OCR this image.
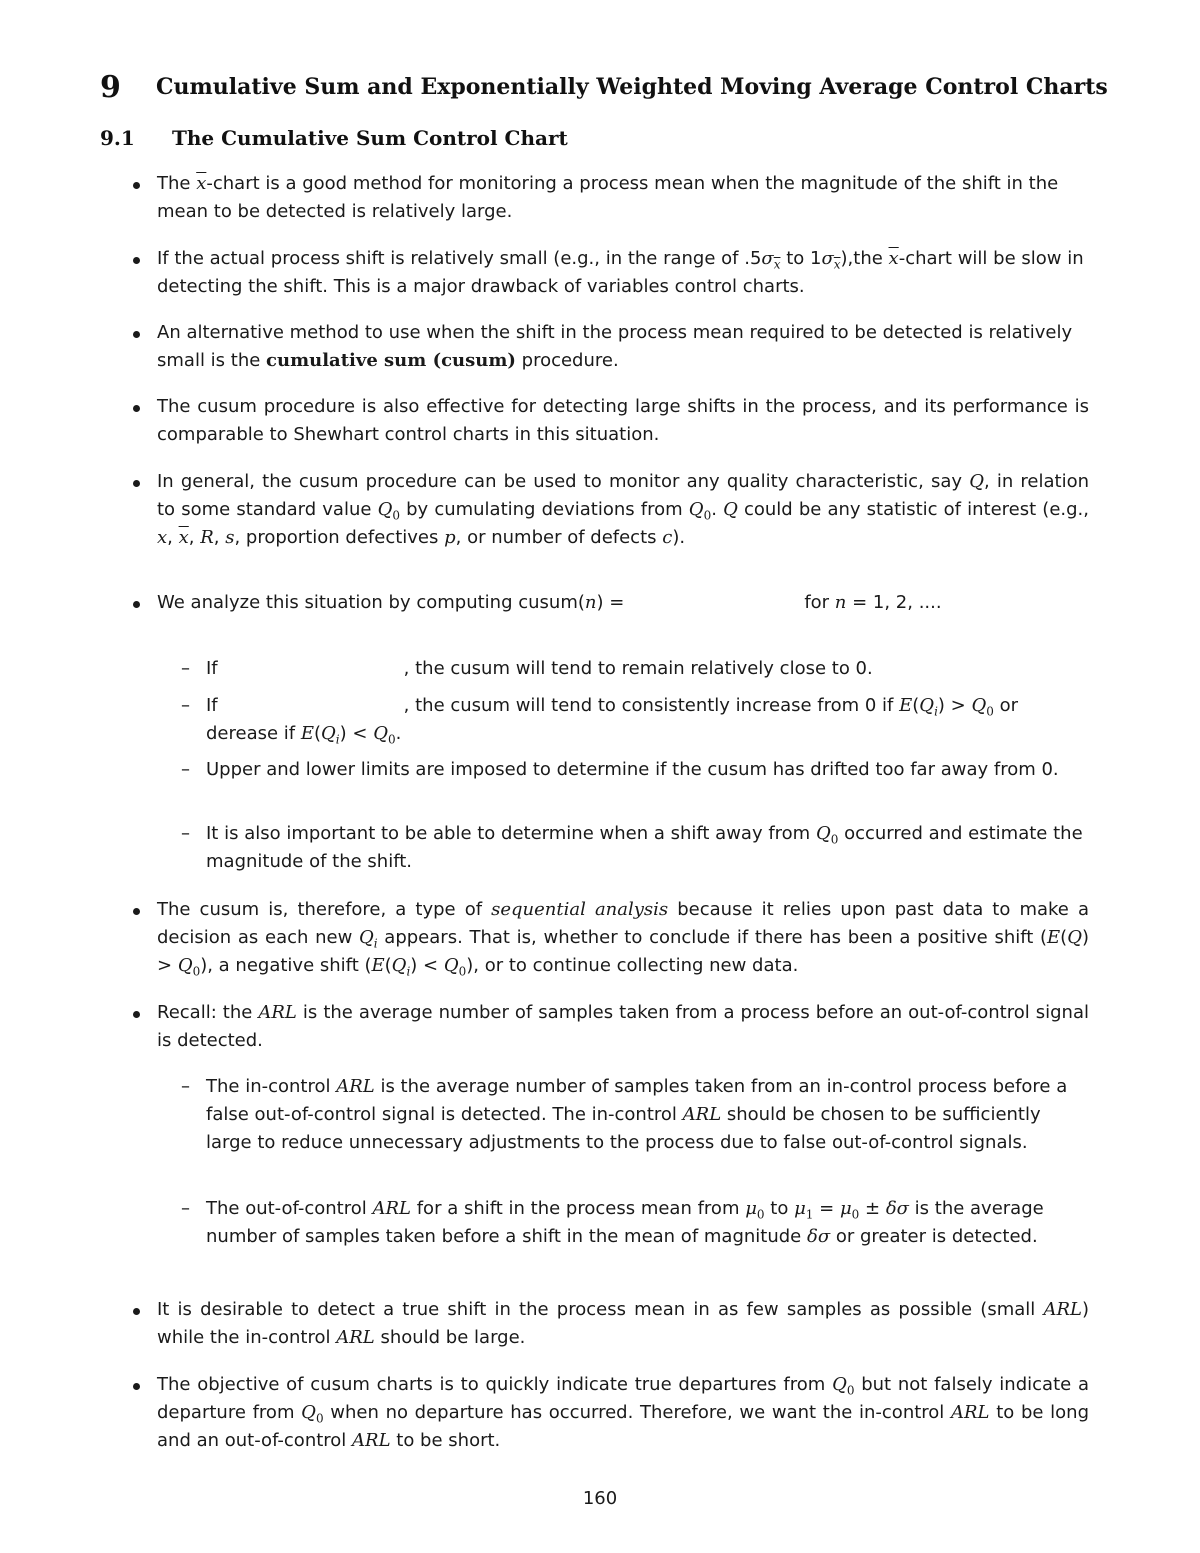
9 Cumulative Sum and Exponentially Weighted Moving Average Control Charts
9.1 The Cumulative Sum Control Chart
The $\overline{x}$-chart is a good method for monitoring a process mean when the magnitude of the shift in the mean to be detected is relatively large.
If the actual process shift is relatively small (e.g., in the range of $.5\sigma_{\overline{x}}$ to $1\sigma_{\overline{x}}),the$ $\overline{x}$-chart will be slow in detecting the shift. This is a major drawback of variables control charts.
An alternative method to use when the shift in the process mean required to be detected is relatively small is the cumulative sum (cusum) procedure.
The cusum procedure is also effective for detecting large shifts in the process, and its performance is comparable to Shewhart control charts in this situation.
In general, the cusum procedure can be used to monitor any quality characteristic, say Q, in relation to some standard value $Q_0$ by cumulating deviations from $Q_0$. Q could be any statistic of interest (e.g., x, $\overline{x}$, R, s, proportion defectives p, or number of defects c).
We analyze this situation by computing cusum(n) =	for n = 1, 2, ....
– If	, the cusum will tend to remain relatively close to 0.
– If	, the cusum will tend to consistently increase from 0 if $E(Q_i) > Q_0$ or derease if $E(Q_i) < Q_0$.
– Upper and lower limits are imposed to determine if the cusum has drifted too far away from 0.
– It is also important to be able to determine when a shift away from $Q_0$ occurred and estimate the magnitude of the shift.
The cusum is, therefore, a type of sequential analysis because it relies upon past data to make a decision as each new $Q_i$ appears. That is, whether to conclude if there has been a positive shift $(E(Q) > Q_0)$, a negative shift $(E(Q_i) < Q_0)$, or to continue collecting new data.
Recall: the ARL is the average number of samples taken from a process before an out-of-control signal is detected.
– The in-control ARL is the average number of samples taken from an in-control process before a false out-of-control signal is detected. The in-control ARL should be chosen to be sufficiently large to reduce unnecessary adjustments to the process due to false out-of-control signals.
– The out-of-control ARL for a shift in the process mean from $\mu_0$ to $\mu_1 = \mu_0 \pm \delta\sigma$ is the average number of samples taken before a shift in the mean of magnitude δσ or greater is detected.
It is desirable to detect a true shift in the process mean in as few samples as possible (small ARL) while the in-control ARL should be large.
The objective of cusum charts is to quickly indicate true departures from $Q_0$ but not falsely indicate a departure from $Q_0$ when no departure has occurred. Therefore, we want the in-control ARL to be long and an out-of-control ARL to be short.
160
